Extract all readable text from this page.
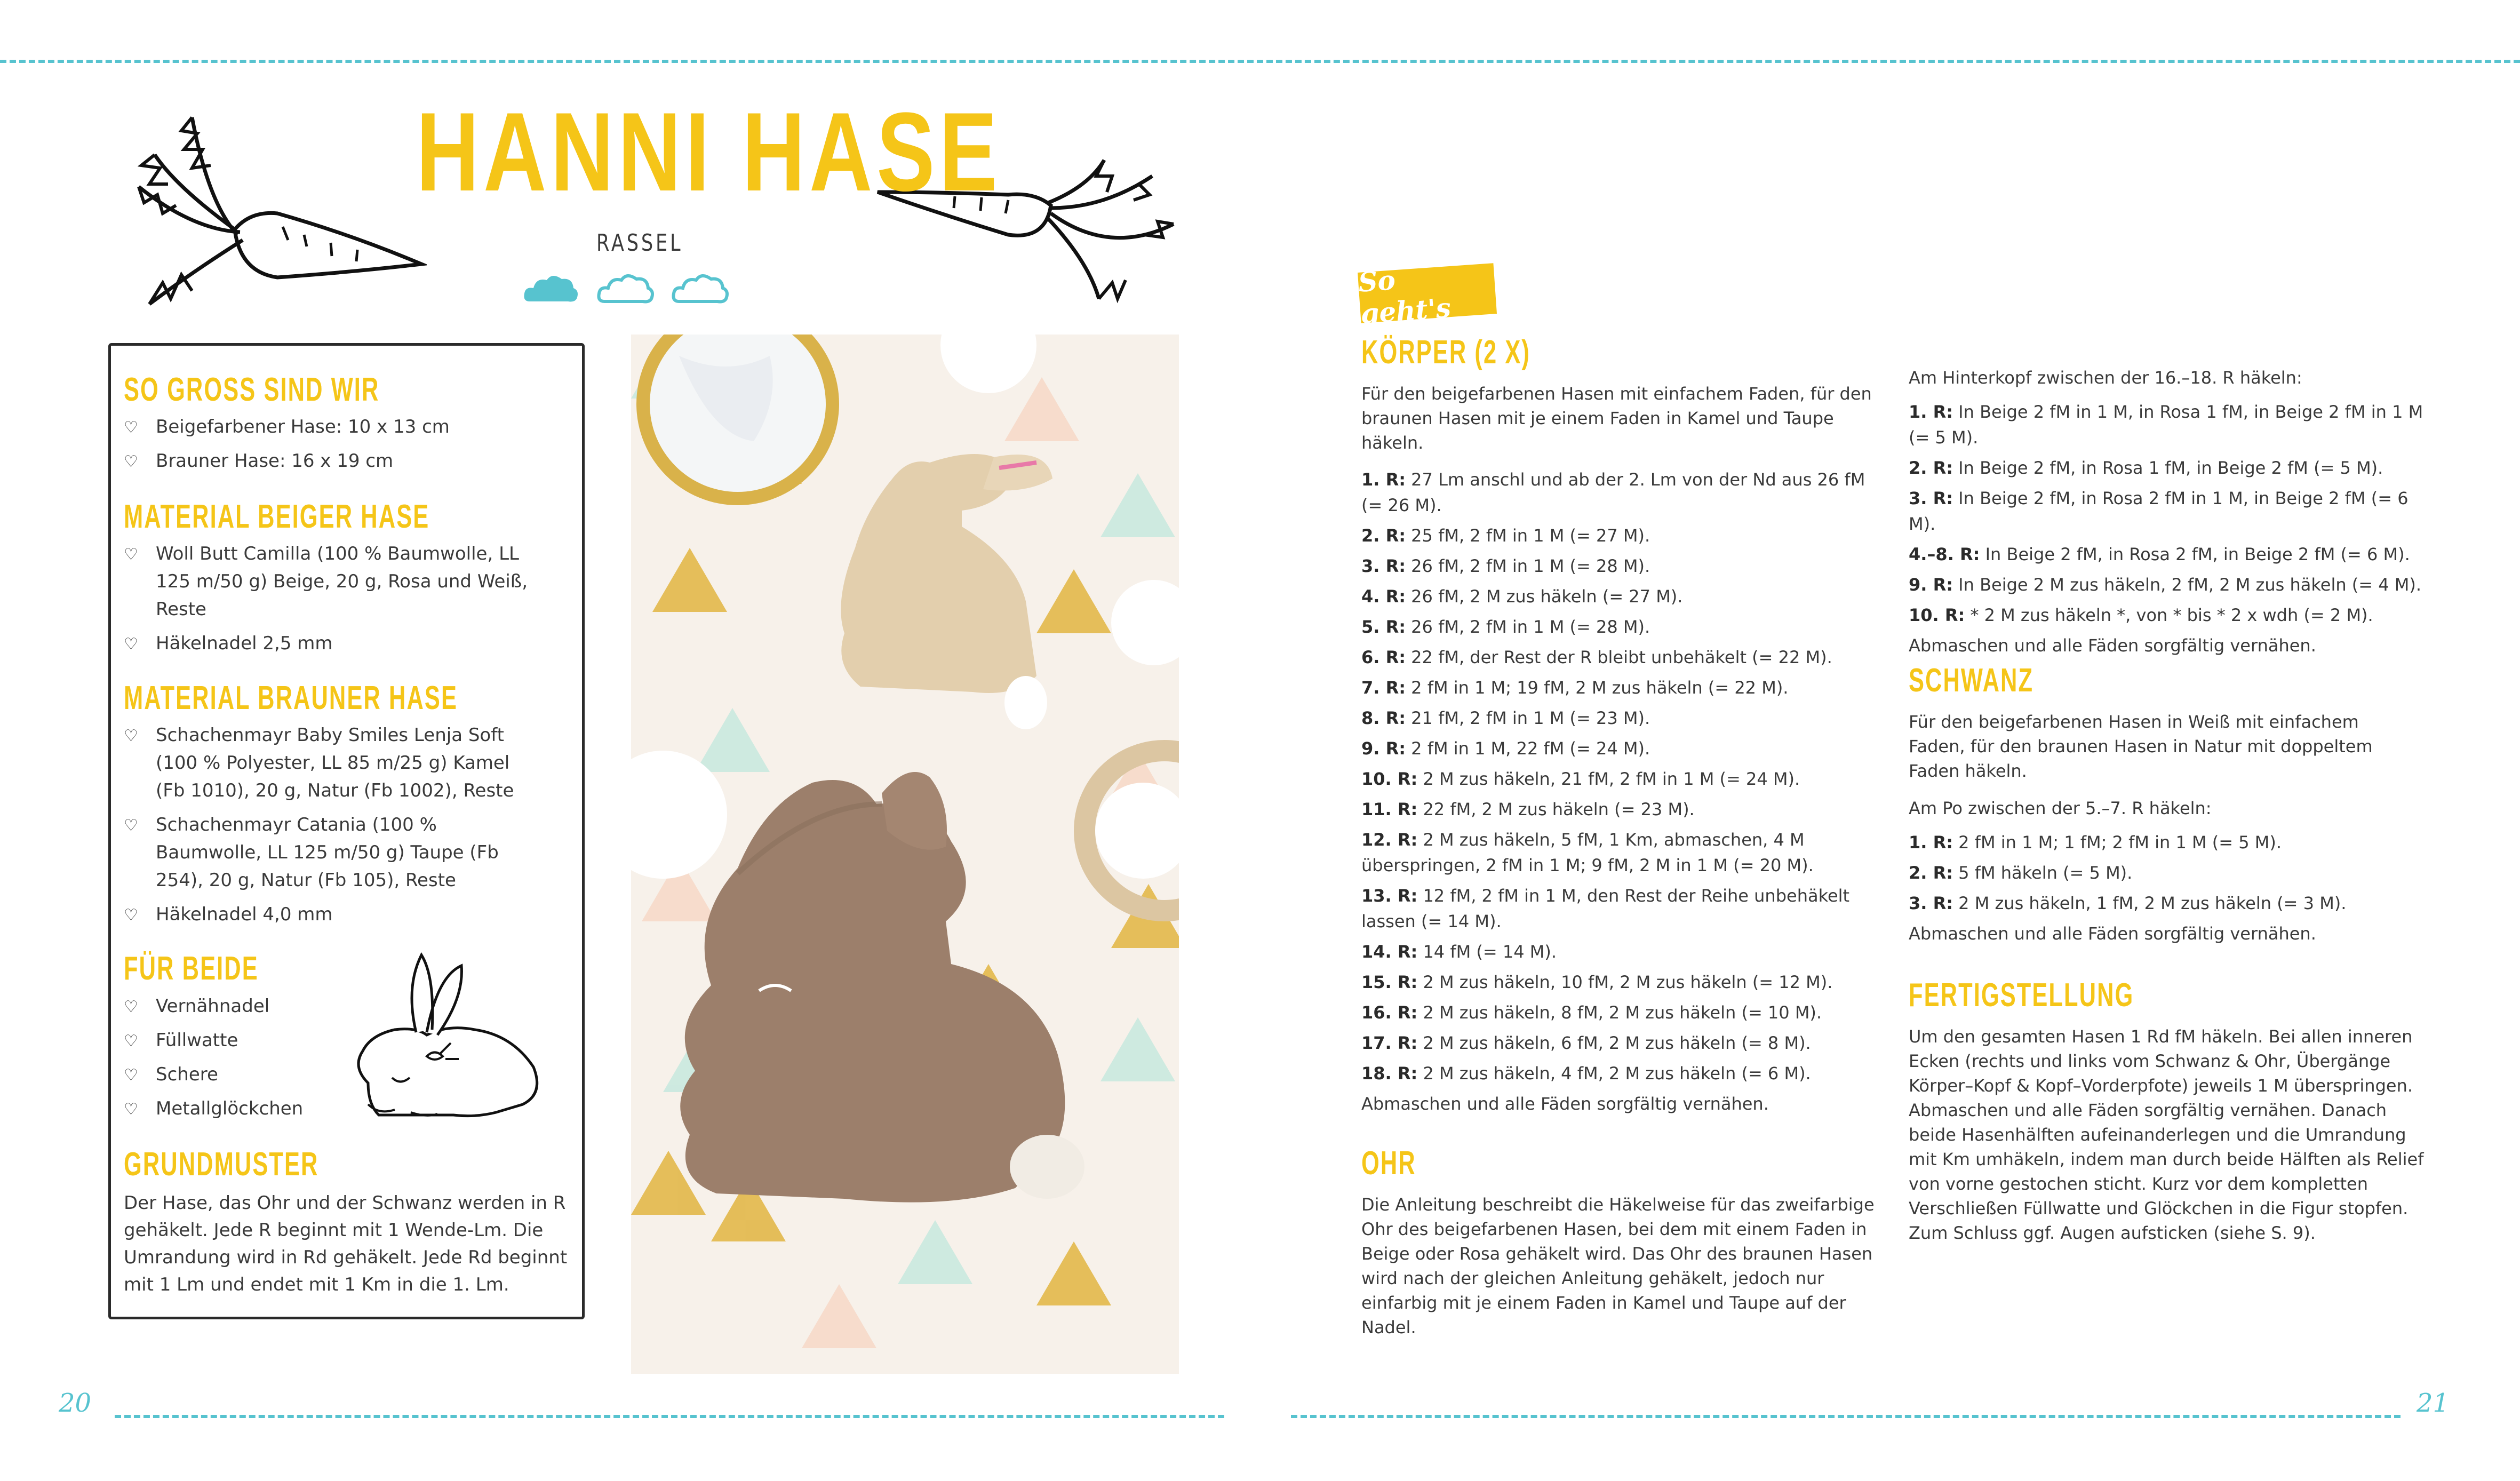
20	21
HANNI HASE

RASSEL

SO GROSS SIND WIR
♡ Beigefarbener Hase: 10 x 13 cm
♡ Brauner Hase: 16 x 19 cm
MATERIAL BEIGER HASE
♡ Woll Butt Camilla (100 % Baumwolle, LL 125 m/50 g) Beige, 20 g, Rosa und Weiß, Reste
♡ Häkelnadel 2,5 mm
MATERIAL BRAUNER HASE
♡ Schachenmayr Baby Smiles Lenja Soft (100 % Polyester, LL 85 m/25 g) Kamel (Fb 1010), 20 g, Natur (Fb 1002), Reste
♡ Schachenmayr Catania (100 % Baumwolle, LL 125 m/50 g) Taupe (Fb 254), 20 g, Natur (Fb 105), Reste
♡ Häkelnadel 4,0 mm
FÜR BEIDE
♡ Vernähnadel
♡ Füllwatte
♡ Schere
♡ Metallglöckchen
GRUNDMUSTER

Der Hase, das Ohr und der Schwanz werden in R gehäkelt. Jede R beginnt mit 1 Wende-Lm. Die Umrandung wird in Rd gehäkelt. Jede Rd beginnt mit 1 Lm und endet mit 1 Km in die 1. Lm.

So geht's
KÖRPER (2 X)

Für den beigefarbenen Hasen mit einfachem Faden, für den braunen Hasen mit je einem Faden in Kamel und Taupe häkeln.

1. R: 27 Lm anschl und ab der 2. Lm von der Nd aus 26 fM (= 26 M).
2. R: 25 fM, 2 fM in 1 M (= 27 M).
3. R: 26 fM, 2 fM in 1 M (= 28 M).
4. R: 26 fM, 2 M zus häkeln (= 27 M).
5. R: 26 fM, 2 fM in 1 M (= 28 M).
6. R: 22 fM, der Rest der R bleibt unbehäkelt (= 22 M).
7. R: 2 fM in 1 M; 19 fM, 2 M zus häkeln (= 22 M).
8. R: 21 fM, 2 fM in 1 M (= 23 M).
9. R: 2 fM in 1 M, 22 fM (= 24 M).
10. R: 2 M zus häkeln, 21 fM, 2 fM in 1 M (= 24 M).
11. R: 22 fM, 2 M zus häkeln (= 23 M).
12. R: 2 M zus häkeln, 5 fM, 1 Km, abmaschen, 4 M überspringen, 2 fM in 1 M; 9 fM, 2 M in 1 M (= 20 M).
13. R: 12 fM, 2 fM in 1 M, den Rest der Reihe unbehäkelt lassen (= 14 M).
14. R: 14 fM (= 14 M).
15. R: 2 M zus häkeln, 10 fM, 2 M zus häkeln (= 12 M).
16. R: 2 M zus häkeln, 8 fM, 2 M zus häkeln (= 10 M).
17. R: 2 M zus häkeln, 6 fM, 2 M zus häkeln (= 8 M).
18. R: 2 M zus häkeln, 4 fM, 2 M zus häkeln (= 6 M).
Abmaschen und alle Fäden sorgfältig vernähen.
OHR

Die Anleitung beschreibt die Häkelweise für das zweifarbige Ohr des beigefarbenen Hasen, bei dem mit einem Faden in Beige oder Rosa gehäkelt wird. Das Ohr des braunen Hasen wird nach der gleichen Anleitung gehäkelt, jedoch nur einfarbig mit je einem Faden in Kamel und Taupe auf der Nadel.

Am Hinterkopf zwischen der 16.–18. R häkeln:

1. R: In Beige 2 fM in 1 M, in Rosa 1 fM, in Beige 2 fM in 1 M (= 5 M).
2. R: In Beige 2 fM, in Rosa 1 fM, in Beige 2 fM (= 5 M).
3. R: In Beige 2 fM, in Rosa 2 fM in 1 M, in Beige 2 fM (= 6 M).
4.–8. R: In Beige 2 fM, in Rosa 2 fM, in Beige 2 fM (= 6 M).
9. R: In Beige 2 M zus häkeln, 2 fM, 2 M zus häkeln (= 4 M).
10. R: * 2 M zus häkeln *, von * bis * 2 x wdh (= 2 M).
Abmaschen und alle Fäden sorgfältig vernähen.
SCHWANZ

Für den beigefarbenen Hasen in Weiß mit einfachem Faden, für den braunen Hasen in Natur mit doppeltem Faden häkeln.

Am Po zwischen der 5.–7. R häkeln:

1. R: 2 fM in 1 M; 1 fM; 2 fM in 1 M (= 5 M).
2. R: 5 fM häkeln (= 5 M).
3. R: 2 M zus häkeln, 1 fM, 2 M zus häkeln (= 3 M).
Abmaschen und alle Fäden sorgfältig vernähen.
FERTIGSTELLUNG

Um den gesamten Hasen 1 Rd fM häkeln. Bei allen inneren Ecken (rechts und links vom Schwanz & Ohr, Übergänge Körper–Kopf & Kopf–Vorderpfote) jeweils 1 M überspringen. Abmaschen und alle Fäden sorgfältig vernähen. Danach beide Hasenhälften aufeinanderlegen und die Umrandung mit Km umhäkeln, indem man durch beide Hälften als Relief von vorne gestochen sticht. Kurz vor dem kompletten Verschließen Füllwatte und Glöckchen in die Figur stopfen. Zum Schluss ggf. Augen aufsticken (siehe S. 9).
